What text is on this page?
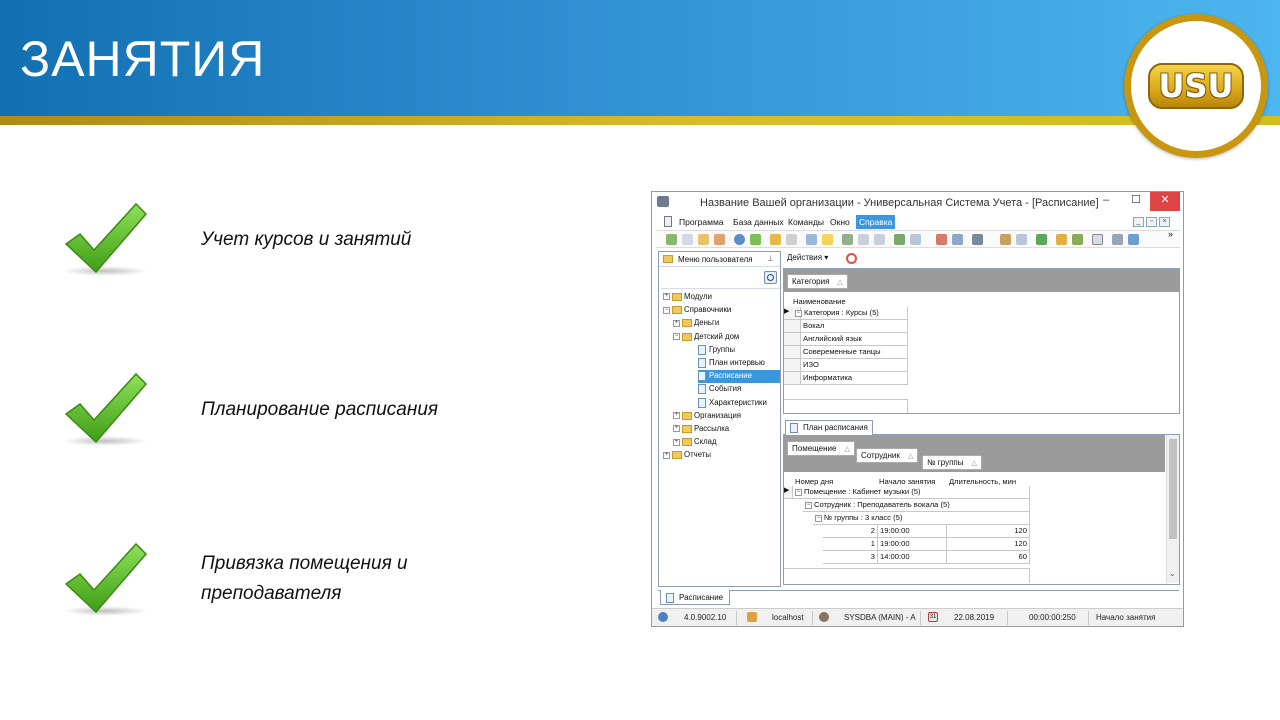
ЗАНЯТИЯ	USU
Учет курсов и занятий
Планирование расписания
Привязка помещения и
преподавателя
Название Вашей организации - Универсальная Система Учета - [Расписание] –	☐	✕
Программа	База данных Команды Окно	Справка	_	▫	×
»
Меню пользователя ⊥
+ Модули
− Справочники
+ Деньги
− Детский дом
Группы
План интервью
Расписание
События
Характеристики
+ Организация
+ Рассылка
+ Склад
+ Отчеты
Действия ▾
Категория △
Наименование
▶	− Категория : Курсы (5)
Вокал
Английский язык
Совеременные танцы
ИЗО
Информатика
План расписания
Помещение △
Сотрудник △
№ группы △
Номер дня	Начало занятия Длительность, мин
▶	− Помещение : Кабинет музыки (5)
− Сотрудник : Преподаватель вокала (5)
− № группы : 3 класс (5)
2 19:00:00	120
1 19:00:00	120
3 14:00:00	60
⌄
Расписание
4.0.9002.10	localhost	SYSDBA (MAIN) - A 31 22.08.2019	00:00:00:250	Начало занятия
